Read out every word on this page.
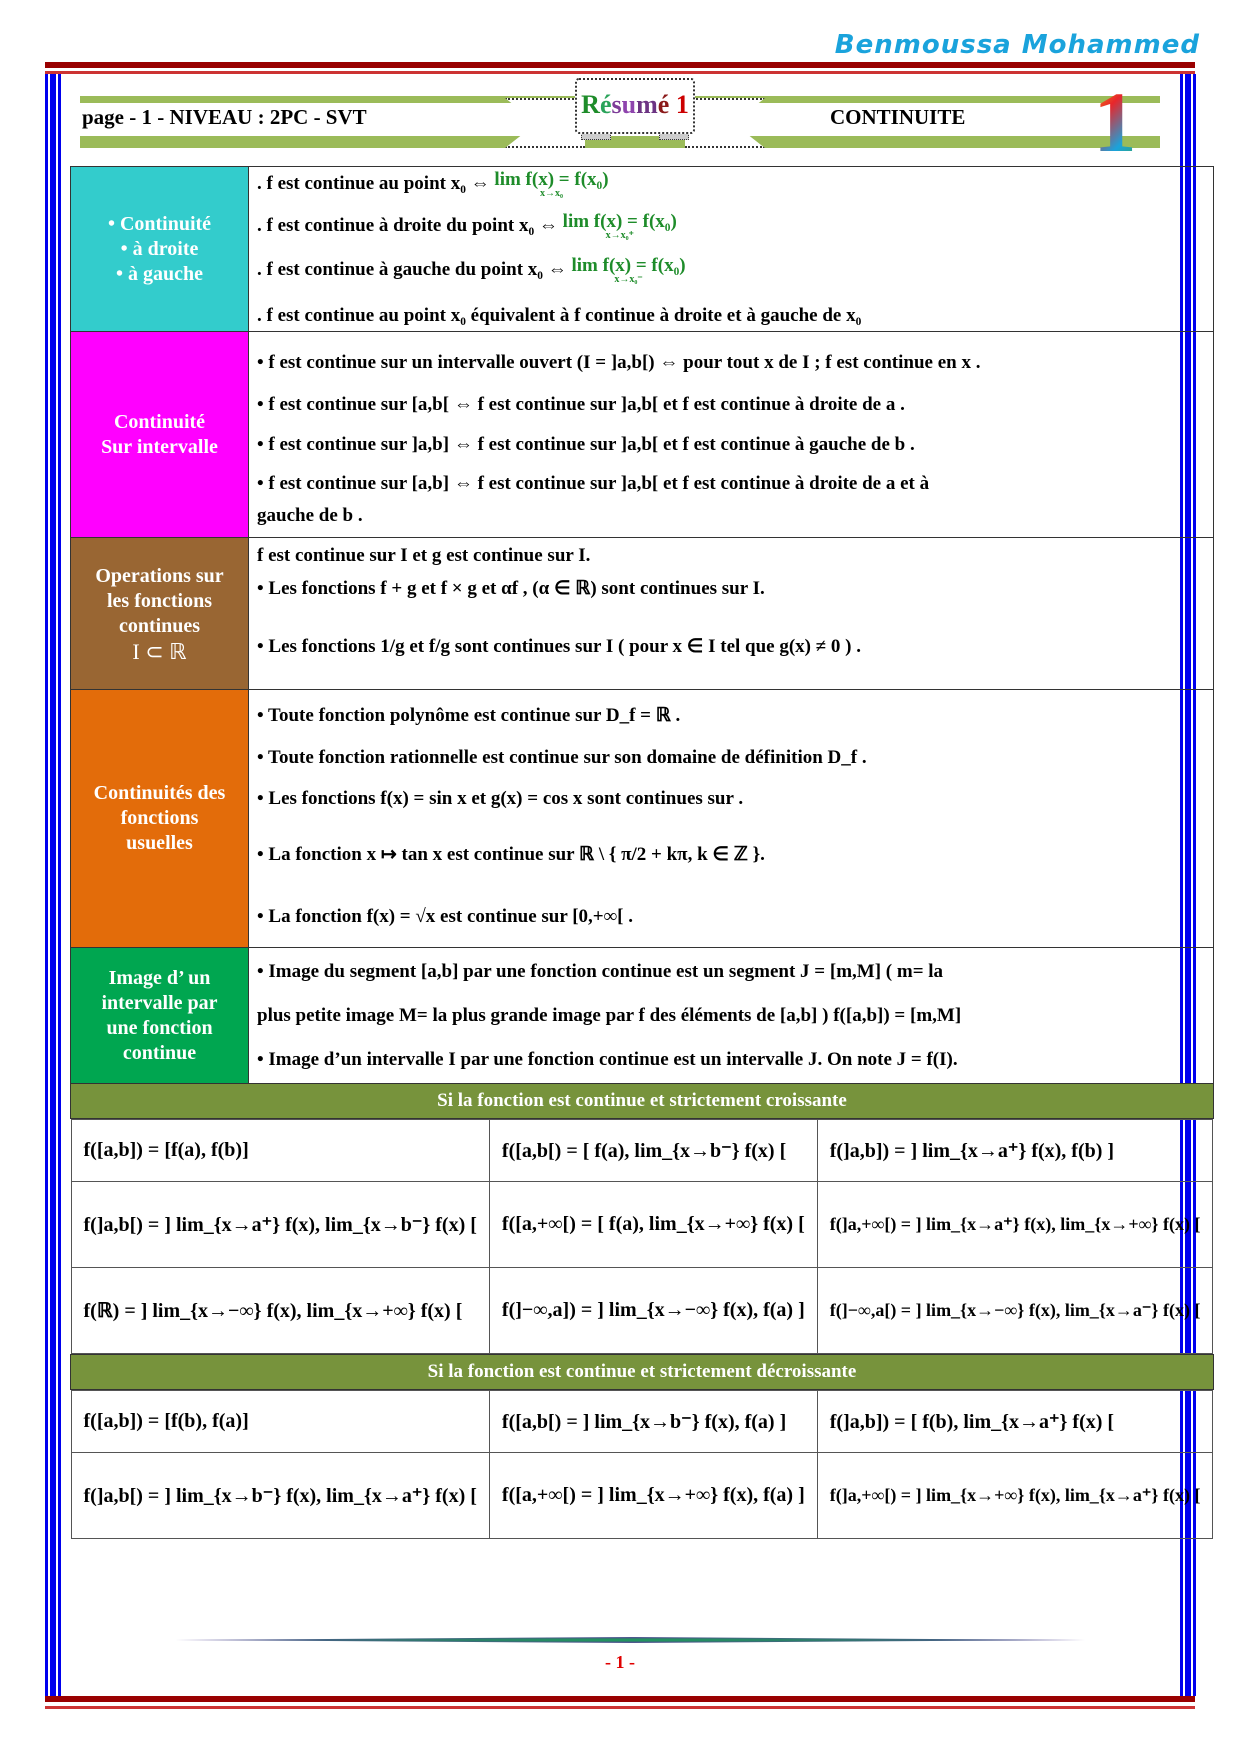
Benmoussa Mohammed
page - 1 - NIVEAU : 2PC - SVT	CONTINUITE
Résumé 1	1
• Continuité
• à droite
• à gauche

. f est continue au point x₀ ⇔ lim f(x) = f(x₀)
x→x₀
. f est continue à droite du point x₀ ⇔ lim f(x) = f(x₀)
x→x₀⁺
. f est continue à gauche du point x₀ ⇔ lim f(x) = f(x₀)
x→x₀⁻
. f est continue au point x₀ équivalent à f continue à droite et à gauche de x₀

Continuité
Sur intervalle

• f est continue sur un intervalle ouvert (I = ]a,b[) ⇔ pour tout x de I ; f est continue en x .
• f est continue sur [a,b[ ⇔ f est continue sur ]a,b[ et f est continue à droite de a .
• f est continue sur ]a,b] ⇔ f est continue sur ]a,b[ et f est continue à gauche de b .
• f est continue sur [a,b] ⇔ f est continue sur ]a,b[ et f est continue à droite de a et à
gauche de b .

Operations sur
les fonctions
continues
I ⊂ ℝ

f est continue sur I et g est continue sur I.
• Les fonctions f + g et f × g et αf , (α ∈ ℝ) sont continues sur I.
• Les fonctions 1/g et f/g sont continues sur I ( pour x ∈ I tel que g(x) ≠ 0 ) .

Continuités des
fonctions
usuelles

• Toute fonction polynôme est continue sur D_f = ℝ .
• Toute fonction rationnelle est continue sur son domaine de définition D_f .
• Les fonctions f(x) = sin x et g(x) = cos x sont continues sur .
• La fonction x ↦ tan x est continue sur ℝ \ { π/2 + kπ, k ∈ ℤ }.
• La fonction f(x) = √x est continue sur [0,+∞[ .

Image d’ un
intervalle par
une fonction
continue

• Image du segment [a,b] par une fonction continue est un segment J = [m,M] ( m= la
plus petite image M= la plus grande image par f des éléments de [a,b] ) f([a,b]) = [m,M]
• Image d’un intervalle I par une fonction continue est un intervalle J. On note J = f(I).

Si la fonction est continue et strictement croissante

f([a,b]) = [f(a), f(b)]	f([a,b[) = [ f(a), lim_{x→b⁻} f(x) [	f(]a,b]) = ] lim_{x→a⁺} f(x), f(b) ]
f(]a,b[) = ] lim_{x→a⁺} f(x), lim_{x→b⁻} f(x) [	f([a,+∞[) = [ f(a), lim_{x→+∞} f(x) [	f(]a,+∞[) = ] lim_{x→a⁺} f(x), lim_{x→+∞} f(x) [
f(ℝ) = ] lim_{x→−∞} f(x), lim_{x→+∞} f(x) [	f(]−∞,a]) = ] lim_{x→−∞} f(x), f(a) ]	f(]−∞,a[) = ] lim_{x→−∞} f(x), lim_{x→a⁻} f(x) [

Si la fonction est continue et strictement décroissante

f([a,b]) = [f(b), f(a)]	f([a,b[) = ] lim_{x→b⁻} f(x), f(a) ]	f(]a,b]) = [ f(b), lim_{x→a⁺} f(x) [
f(]a,b[) = ] lim_{x→b⁻} f(x), lim_{x→a⁺} f(x) [	f([a,+∞[) = ] lim_{x→+∞} f(x), f(a) ]	f(]a,+∞[) = ] lim_{x→+∞} f(x), lim_{x→a⁺} f(x) [
- 1 -
